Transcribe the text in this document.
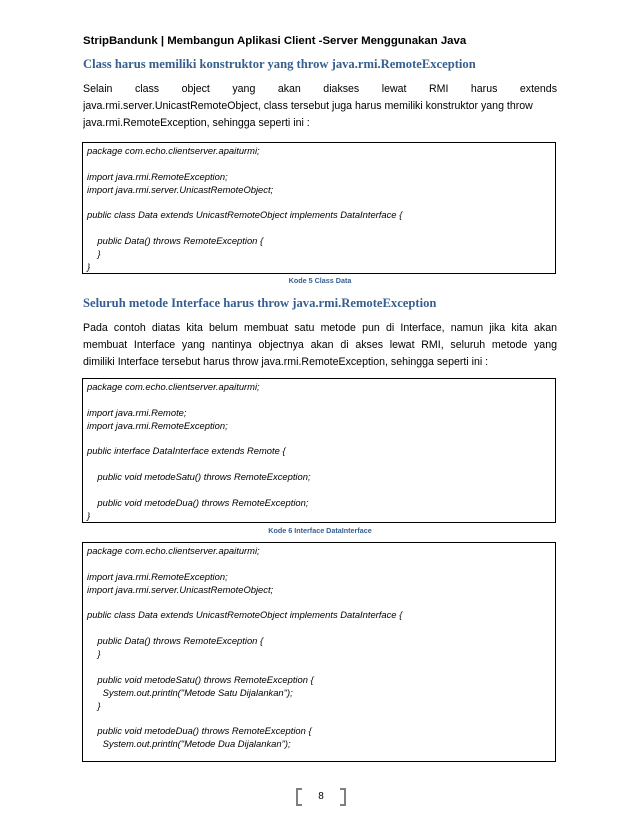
StripBandunk | Membangun Aplikasi Client -Server Menggunakan Java
Class harus memiliki konstruktor yang throw java.rmi.RemoteException
Selain class object yang akan diakses lewat RMI harus extends
java.rmi.server.UnicastRemoteObject, class tersebut juga harus memiliki konstruktor yang throw
java.rmi.RemoteException, sehingga seperti ini :
package com.echo.clientserver.apaiturmi;
import java.rmi.RemoteException;
import java.rmi.server.UnicastRemoteObject;
public class Data extends UnicastRemoteObject implements DataInterface {
public Data() throws RemoteException {
}
}
Kode 5 Class Data
Seluruh metode Interface harus throw java.rmi.RemoteException
Pada contoh diatas kita belum membuat satu metode pun di Interface, namun jika kita akan
membuat Interface yang nantinya objectnya akan di akses lewat RMI, seluruh metode yang
dimiliki Interface tersebut harus throw java.rmi.RemoteException, sehingga seperti ini :
package com.echo.clientserver.apaiturmi;
import java.rmi.Remote;
import java.rmi.RemoteException;
public interface DataInterface extends Remote {
public void metodeSatu() throws RemoteException;
public void metodeDua() throws RemoteException;
}
Kode 6 Interface DataInterface
package com.echo.clientserver.apaiturmi;
import java.rmi.RemoteException;
import java.rmi.server.UnicastRemoteObject;
public class Data extends UnicastRemoteObject implements DataInterface {
public Data() throws RemoteException {
}
public void metodeSatu() throws RemoteException {
System.out.println("Metode Satu Dijalankan");
}
public void metodeDua() throws RemoteException {
System.out.println("Metode Dua Dijalankan");
8
